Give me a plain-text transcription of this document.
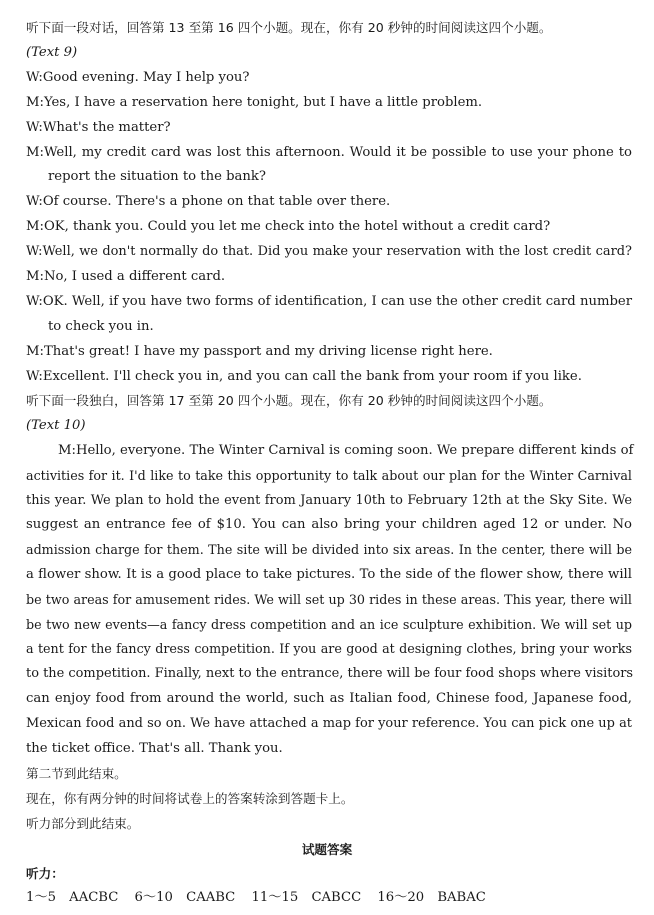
听下面一段对话，回答第 13 至第 16 四个小题。现在，你有 20 秒钟的时间阅读这四个小题。
(Text 9)
W:Good evening. May I help you?
M:Yes, I have a reservation here tonight, but I have a little problem.
W:What's the matter?
M:Well, my credit card was lost this afternoon. Would it be possible to use your phone to
report the situation to the bank?
W:Of course. There's a phone on that table over there.
M:OK, thank you. Could you let me check into the hotel without a credit card?
W:Well, we don't normally do that. Did you make your reservation with the lost credit card?
M:No, I used a different card.
W:OK. Well, if you have two forms of identification, I can use the other credit card number
to check you in.
M:That's great! I have my passport and my driving license right here.
W:Excellent. I'll check you in, and you can call the bank from your room if you like.
听下面一段独白，回答第 17 至第 20 四个小题。现在，你有 20 秒钟的时间阅读这四个小题。
(Text 10)
M:Hello, everyone. The Winter Carnival is coming soon. We prepare different kinds of
activities for it. I'd like to take this opportunity to talk about our plan for the Winter Carnival
this year. We plan to hold the event from January 10th to February 12th at the Sky Site. We
suggest an entrance fee of $10. You can also bring your children aged 12 or under. No
admission charge for them. The site will be divided into six areas. In the center, there will be
a flower show. It is a good place to take pictures. To the side of the flower show, there will
be two areas for amusement rides. We will set up 30 rides in these areas. This year, there will
be two new events—a fancy dress competition and an ice sculpture exhibition. We will set up
a tent for the fancy dress competition. If you are good at designing clothes, bring your works
to the competition. Finally, next to the entrance, there will be four food shops where visitors
can enjoy food from around the world, such as Italian food, Chinese food, Japanese food,
Mexican food and so on. We have attached a map for your reference. You can pick one up at
the ticket office. That's all. Thank you.
第二节到此结束。
现在，你有两分钟的时间将试卷上的答案转涂到答题卡上。
听力部分到此结束。
试题答案
听力：
1～5 AACBC 6～10 CAABC 11～15 CABCC 16～20 BABAC
